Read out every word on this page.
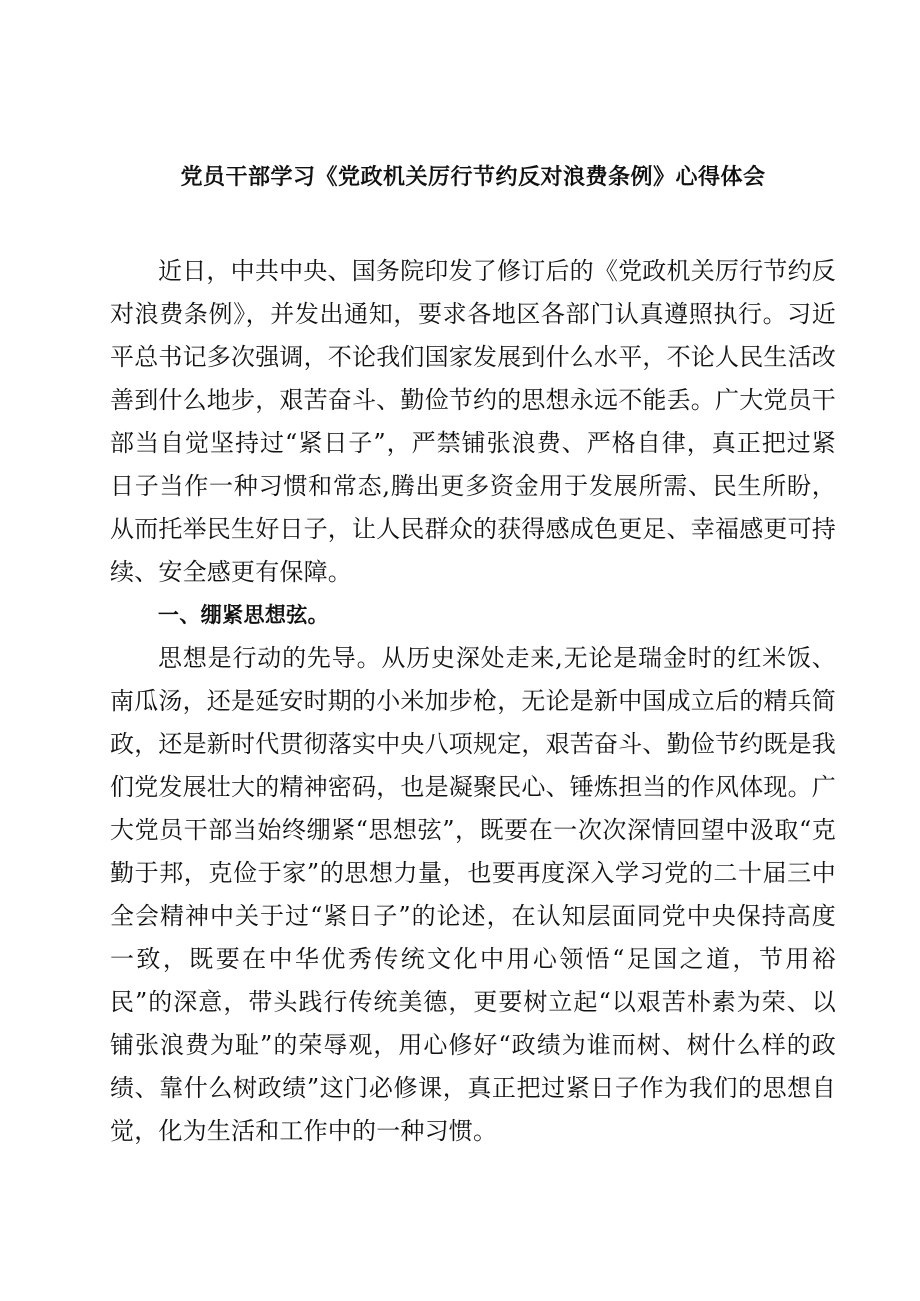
党员干部学习《党政机关厉行节约反对浪费条例》心得体会

近日，中共中央、国务院印发了修订后的《党政机关厉行节约反对浪费条例》，并发出通知，要求各地区各部门认真遵照执行。习近平总书记多次强调，不论我们国家发展到什么水平，不论人民生活改善到什么地步，艰苦奋斗、勤俭节约的思想永远不能丢。广大党员干部当自觉坚持过“紧日子”，严禁铺张浪费、严格自律，真正把过紧日子当作一种习惯和常态,腾出更多资金用于发展所需、民生所盼，从而托举民生好日子，让人民群众的获得感成色更足、幸福感更可持续、安全感更有保障。

一、绷紧思想弦。

思想是行动的先导。从历史深处走来,无论是瑞金时的红米饭、南瓜汤，还是延安时期的小米加步枪，无论是新中国成立后的精兵简政，还是新时代贯彻落实中央八项规定，艰苦奋斗、勤俭节约既是我们党发展壮大的精神密码，也是凝聚民心、锤炼担当的作风体现。广大党员干部当始终绷紧“思想弦”，既要在一次次深情回望中汲取“克勤于邦，克俭于家”的思想力量，也要再度深入学习党的二十届三中全会精神中关于过“紧日子”的论述，在认知层面同党中央保持高度一致，既要在中华优秀传统文化中用心领悟“足国之道，节用裕民”的深意，带头践行传统美德，更要树立起“以艰苦朴素为荣、以铺张浪费为耻”的荣辱观，用心修好“政绩为谁而树、树什么样的政绩、靠什么树政绩”这门必修课，真正把过紧日子作为我们的思想自觉，化为生活和工作中的一种习惯。
